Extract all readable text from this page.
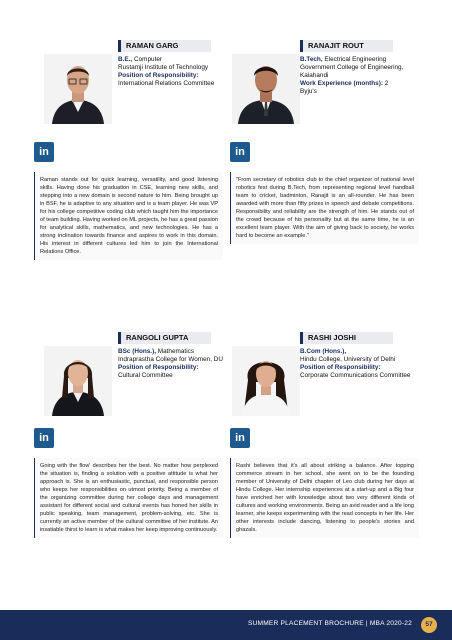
RAMAN GARG
B.E., Computer
Rustamji Institute of Technology
Position of Responsibility:
International Relations Committee
in
Raman stands out for quick learning, versatility, and good listening skills. Having done his graduation in CSE, learning new skills, and stepping into a new domain is second nature to him. Being brought up in BSF, he is adaptive to any situation and is a team player. He was VP for his college competitive coding club which taught him the importance of team building. Having worked on ML projects, he has a great passion for analytical skills, mathematics, and new technologies. He has a strong inclination towards finance and aspires to work in this domain. His interest in different cultures led him to join the International Relations Office.
RANAJIT ROUT
B.Tech, Electrical Engineering
Government College of Engineering, Kalahandi
Work Experience (months): 2
Byju's
in
"From secretary of robotics club to the chief organizer of national level robotics fest during B.Tech, from representing regional level handball team to cricket, badminton, Ranajit is an all-rounder. He has been awarded with more than fifty prizes in speech and debate competitions. Responsibility and reliability are the strength of him. He stands out of the crowd because of his personality but at the same time, he is an excellent team player. With the aim of giving back to society, he works hard to become an example."
RANGOLI GUPTA
BSc (Hons.), Mathematics
Indraprastha College for Women, DU
Position of Responsibility:
Cultural Committee
in
Going with the flow' describes her the best. No matter how perplexed the situation is, finding a solution with a positive attitude is what her approach is. She is an enthusiastic, punctual, and responsible person who keeps her responsibilities on utmost priority. Being a member of the organizing committee during her college days and management assistant for different social and cultural events has honed her skills in public speaking, team management, problem-solving, etc. She is currently an active member of the cultural committee of her institute. An insatiable thirst to learn is what makes her keep improving continuously.
RASHI JOSHI
B.Com (Hons.),
Hindu College, University of Delhi
Position of Responsibility:
Corporate Communications Committee
in
Rashi believes that it's all about striking a balance. After topping commerce stream in her school, she went on to be the founding member of University of Delhi chapter of Leo club during her days at Hindu College. Her internship experiences at a start-up and a Big four have enriched her with knowledge about two very different kinds of cultures and working environments. Being an avid reader and a life long learner, she keeps experimenting with the read concepts in her life. Her other interests include dancing, listening to people's stories and ghazals.
SUMMER PLACEMENT BROCHURE | MBA 2020-22	57
